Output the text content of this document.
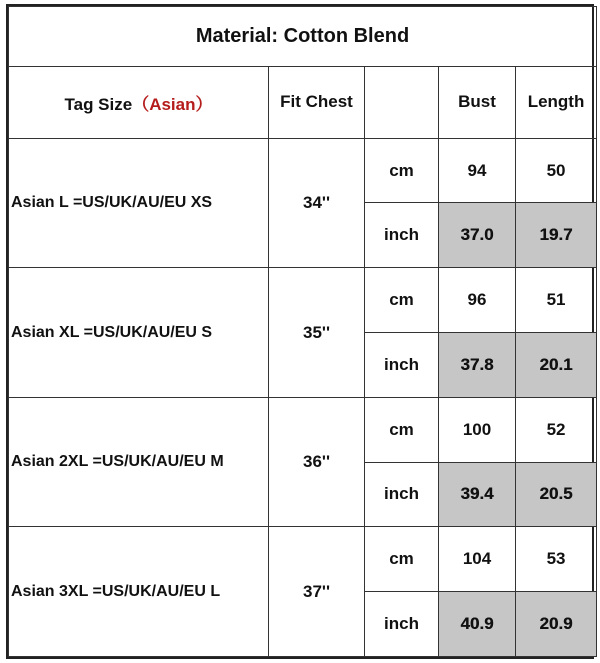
Material: Cotton Blend				
Tag Size（Asian）	Fit Chest		Bust	Length
Asian L =US/UK/AU/EU XS	34''	cm	94	50
		inch	37.0	19.7
Asian XL =US/UK/AU/EU S	35''	cm	96	51
		inch	37.8	20.1
Asian 2XL =US/UK/AU/EU M	36''	cm	100	52
		inch	39.4	20.5
Asian 3XL =US/UK/AU/EU L	37''	cm	104	53
		inch	40.9	20.9
